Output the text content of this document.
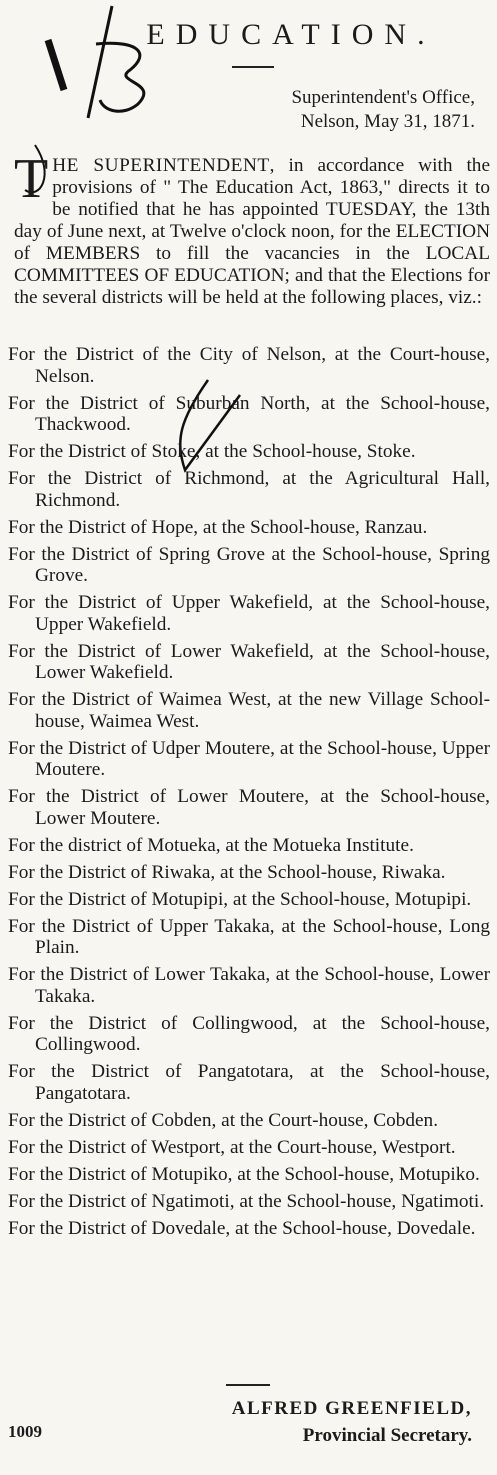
EDUCATION.
Superintendent's Office,
Nelson, May 31, 1871.

THE SUPERINTENDENT, in accordance with the provisions of " The Education Act, 1863," directs it to be notified that he has appointed TUESDAY, the 13th day of June next, at Twelve o'clock noon, for the ELECTION of MEMBERS to fill the vacancies in the LOCAL COMMITTEES OF EDUCATION; and that the Elections for the several districts will be held at the following places, viz.:

For the District of the City of Nelson, at the Court-house, Nelson.
For the District of Suburban North, at the School-house, Thackwood.
For the District of Stoke, at the School-house, Stoke.
For the District of Richmond, at the Agricultural Hall, Richmond.
For the District of Hope, at the School-house, Ranzau.
For the District of Spring Grove at the School-house, Spring Grove.
For the District of Upper Wakefield, at the School-house, Upper Wakefield.
For the District of Lower Wakefield, at the School-house, Lower Wakefield.
For the District of Waimea West, at the new Village School-house, Waimea West.
For the District of Udper Moutere, at the School-house, Upper Moutere.
For the District of Lower Moutere, at the School-house, Lower Moutere.
For the district of Motueka, at the Motueka Institute.
For the District of Riwaka, at the School-house, Riwaka.
For the District of Motupipi, at the School-house, Motupipi.
For the District of Upper Takaka, at the School-house, Long Plain.
For the District of Lower Takaka, at the School-house, Lower Takaka.
For the District of Collingwood, at the School-house, Collingwood.
For the District of Pangatotara, at the School-house, Pangatotara.
For the District of Cobden, at the Court-house, Cobden.
For the District of Westport, at the Court-house, Westport.
For the District of Motupiko, at the School-house, Motupiko.
For the District of Ngatimoti, at the School-house, Ngatimoti.
For the District of Dovedale, at the School-house, Dovedale.
ALFRED GREENFIELD,
Provincial Secretary.
1009
